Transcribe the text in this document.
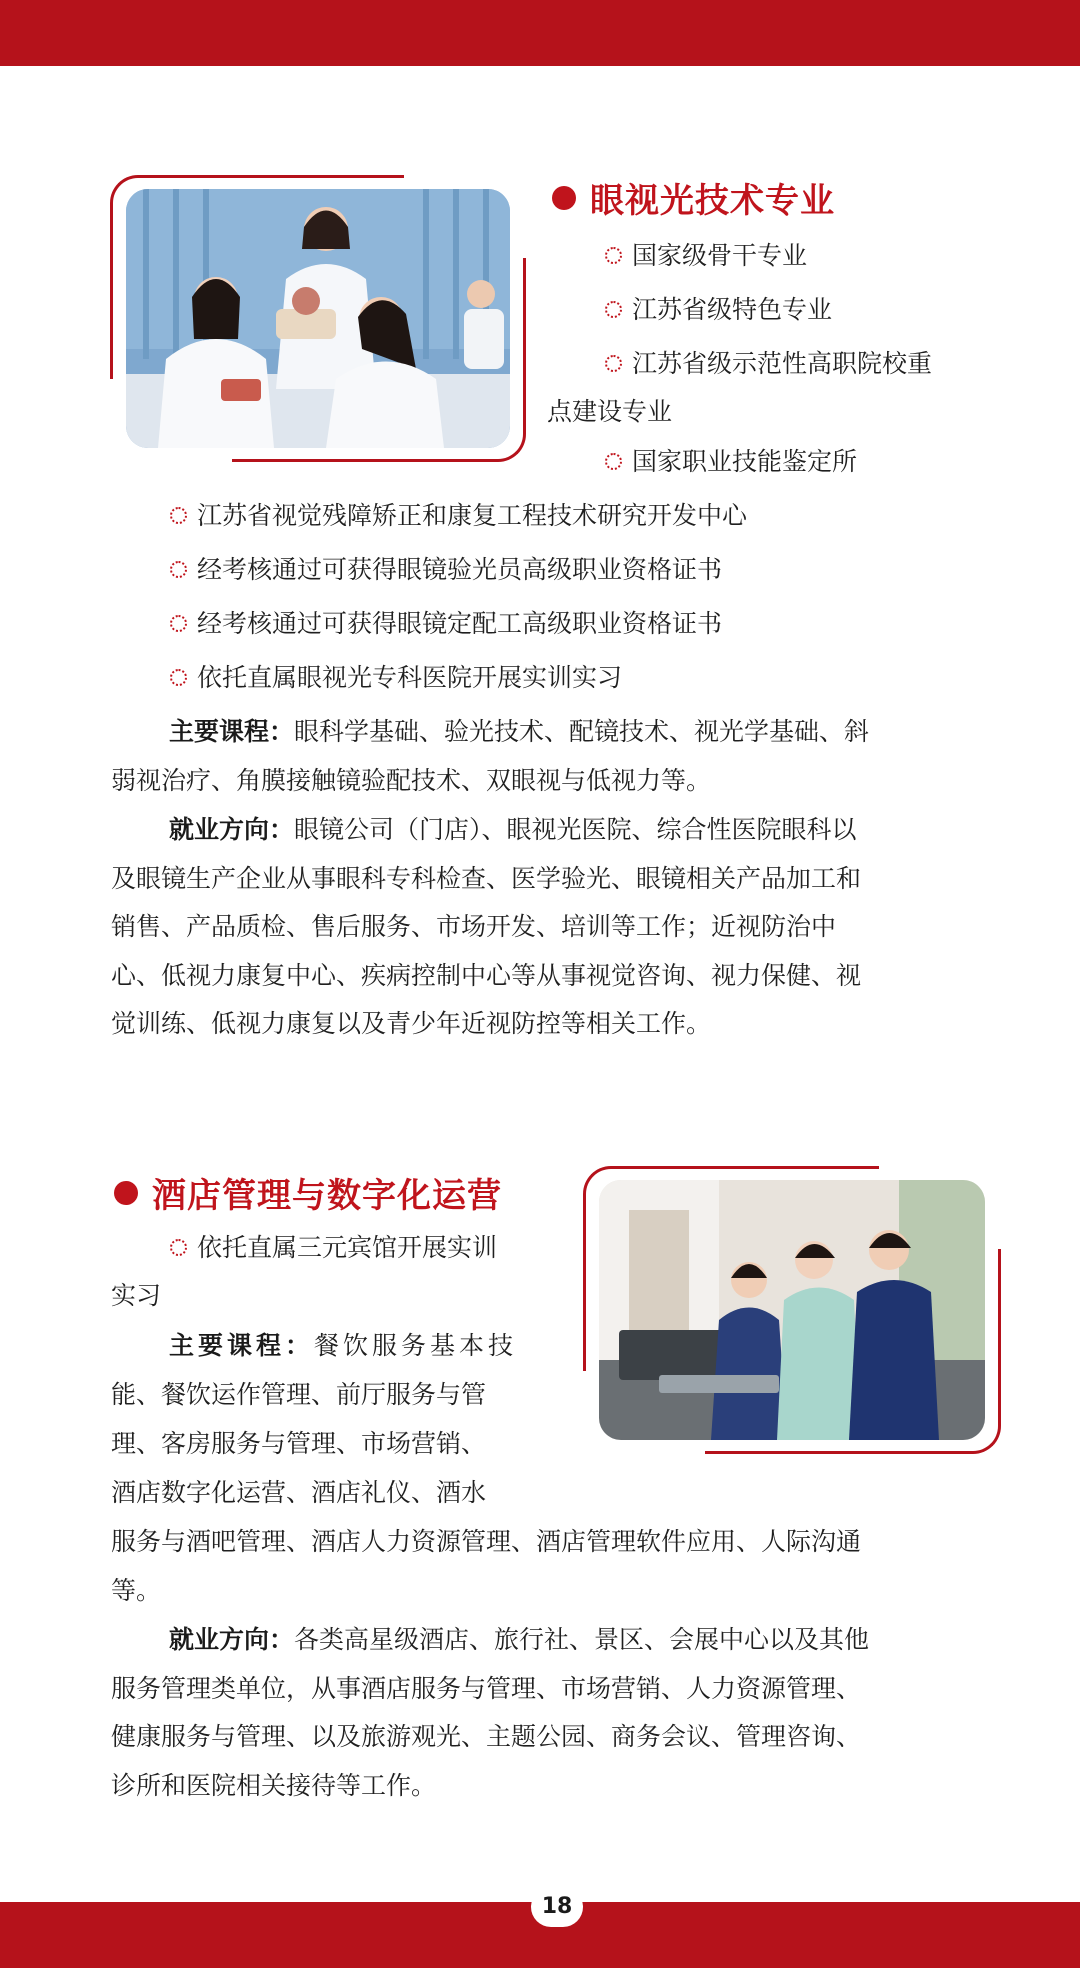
眼视光技术专业
国家级骨干专业
江苏省级特色专业
江苏省级示范性高职院校重
点建设专业
国家职业技能鉴定所
江苏省视觉残障矫正和康复工程技术研究开发中心
经考核通过可获得眼镜验光员高级职业资格证书
经考核通过可获得眼镜定配工高级职业资格证书
依托直属眼视光专科医院开展实训实习

主要课程：眼科学基础、验光技术、配镜技术、视光学基础、斜

弱视治疗、角膜接触镜验配技术、双眼视与低视力等。

就业方向：眼镜公司（门店）、眼视光医院、综合性医院眼科以

及眼镜生产企业从事眼科专科检查、医学验光、眼镜相关产品加工和

销售、产品质检、售后服务、市场开发、培训等工作；近视防治中

心、低视力康复中心、疾病控制中心等从事视觉咨询、视力保健、视

觉训练、低视力康复以及青少年近视防控等相关工作。

酒店管理与数字化运营
依托直属三元宾馆开展实训
实习
主要课程：餐饮服务基本技
能、餐饮运作管理、前厅服务与管
理、客房服务与管理、市场营销、
酒店数字化运营、酒店礼仪、酒水
服务与酒吧管理、酒店人力资源管理、酒店管理软件应用、人际沟通
等。

就业方向：各类高星级酒店、旅行社、景区、会展中心以及其他

服务管理类单位，从事酒店服务与管理、市场营销、人力资源管理、

健康服务与管理、以及旅游观光、主题公园、商务会议、管理咨询、

诊所和医院相关接待等工作。

18
